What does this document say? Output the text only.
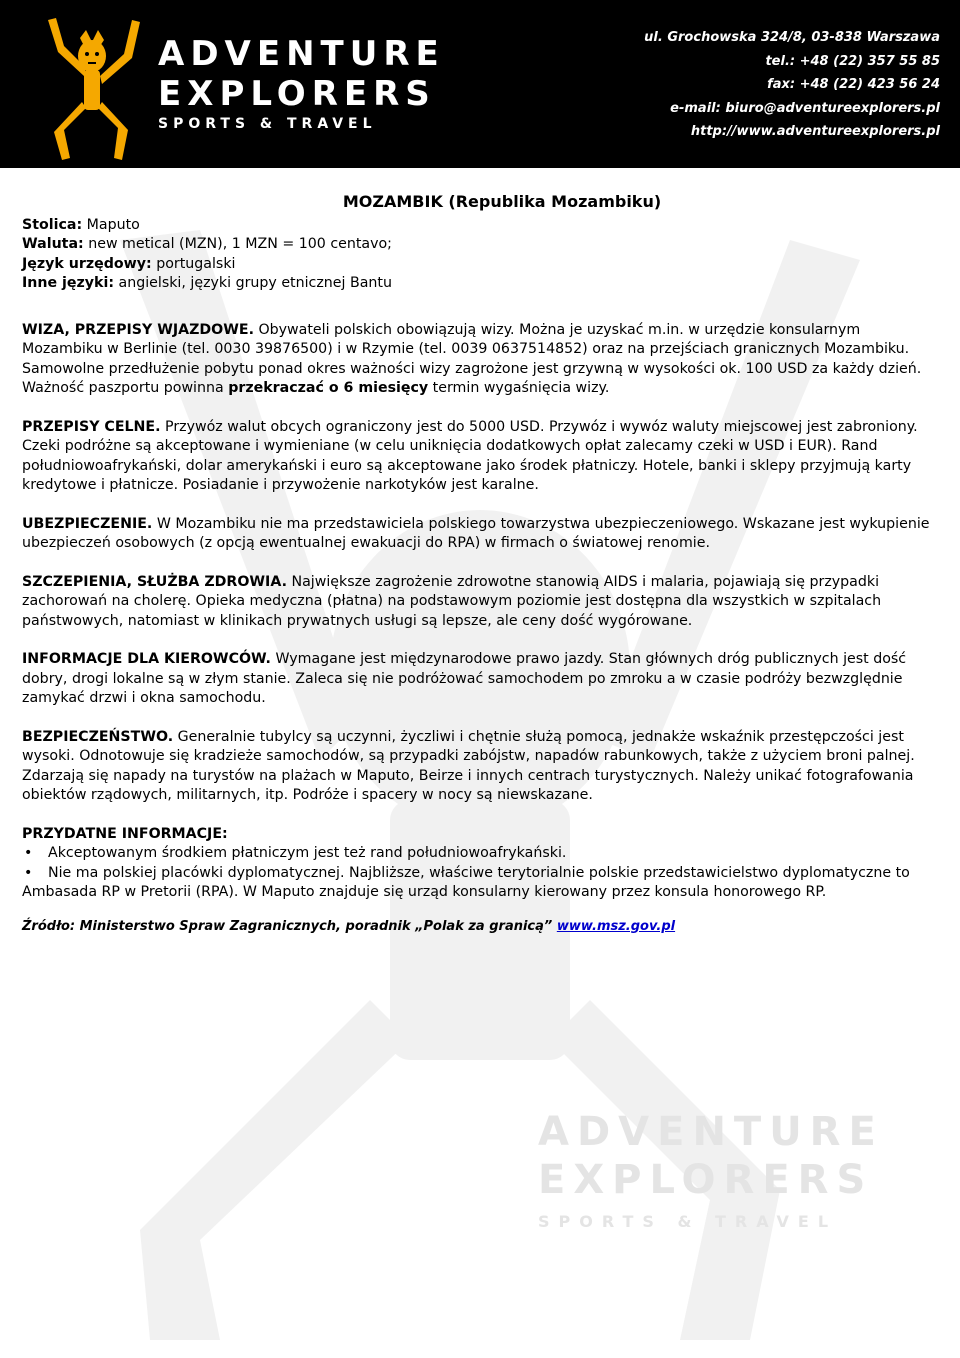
ADVENTURE
EXPLORERS
SPORTS & TRAVEL
ul. Grochowska 324/8, 03-838 Warszawa
tel.: +48 (22) 357 55 85
fax: +48 (22) 423 56 24
e-mail: biuro@adventureexplorers.pl
http://www.adventureexplorers.pl
ADVENTURE
EXPLORERS
SPORTS & TRAVEL
MOZAMBIK (Republika Mozambiku)
Stolica: Maputo
Waluta: new metical (MZN), 1 MZN = 100 centavo;
Język urzędowy: portugalski
Inne języki: angielski, języki grupy etnicznej Bantu

WIZA, PRZEPISY WJAZDOWE. Obywateli polskich obowiązują wizy. Można je uzyskać m.in. w urzędzie konsularnym Mozambiku w Berlinie (tel. 0030 39876500) i w Rzymie (tel. 0039 0637514852) oraz na przejściach granicznych Mozambiku. Samowolne przedłużenie pobytu ponad okres ważności wizy zagrożone jest grzywną w wysokości ok. 100 USD za każdy dzień. Ważność paszportu powinna przekraczać o 6 miesięcy termin wygaśnięcia wizy.

PRZEPISY CELNE. Przywóz walut obcych ograniczony jest do 5000 USD. Przywóz i wywóz waluty miejscowej jest zabroniony. Czeki podróżne są akceptowane i wymieniane (w celu uniknięcia dodatkowych opłat zalecamy czeki w USD i EUR). Rand południowoafrykański, dolar amerykański i euro są akceptowane jako środek płatniczy. Hotele, banki i sklepy przyjmują karty kredytowe i płatnicze. Posiadanie i przywożenie narkotyków jest karalne.

UBEZPIECZENIE. W Mozambiku nie ma przedstawiciela polskiego towarzystwa ubezpieczeniowego. Wskazane jest wykupienie ubezpieczeń osobowych (z opcją ewentualnej ewakuacji do RPA) w firmach o światowej renomie.

SZCZEPIENIA, SŁUŻBA ZDROWIA. Największe zagrożenie zdrowotne stanowią AIDS i malaria, pojawiają się przypadki zachorowań na cholerę. Opieka medyczna (płatna) na podstawowym poziomie jest dostępna dla wszystkich w szpitalach państwowych, natomiast w klinikach prywatnych usługi są lepsze, ale ceny dość wygórowane.

INFORMACJE DLA KIEROWCÓW. Wymagane jest międzynarodowe prawo jazdy. Stan głównych dróg publicznych jest dość dobry, drogi lokalne są w złym stanie. Zaleca się nie podróżować samochodem po zmroku a w czasie podróży bezwzględnie zamykać drzwi i okna samochodu.

BEZPIECZEŃSTWO. Generalnie tubylcy są uczynni, życzliwi i chętnie służą pomocą, jednakże wskaźnik przestępczości jest wysoki. Odnotowuje się kradzieże samochodów, są przypadki zabójstw, napadów rabunkowych, także z użyciem broni palnej. Zdarzają się napady na turystów na plażach w Maputo, Beirze i innych centrach turystycznych. Należy unikać fotografowania obiektów rządowych, militarnych, itp. Podróże i spacery w nocy są niewskazane.

PRZYDATNE INFORMACJE:
• Akceptowanym środkiem płatniczym jest też rand południowoafrykański.
• Nie ma polskiej placówki dyplomatycznej. Najbliższe, właściwe terytorialnie polskie przedstawicielstwo dyplomatyczne to Ambasada RP w Pretorii (RPA). W Maputo znajduje się urząd konsularny kierowany przez konsula honorowego RP.
Źródło: Ministerstwo Spraw Zagranicznych, poradnik „Polak za granicą” www.msz.gov.pl
